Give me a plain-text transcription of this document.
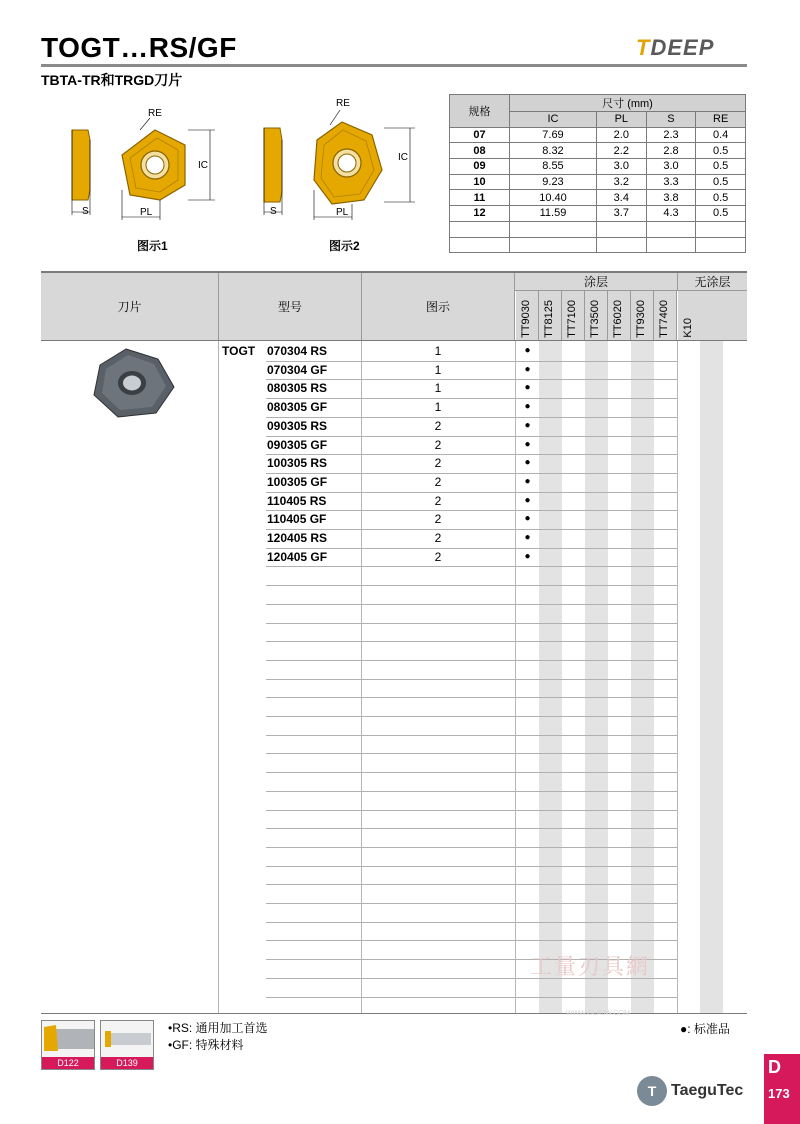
TOGT…RS/GF
TBTA-TR和TRGD刀片
TDEEP
RE
IC
S	PL
图示1
RE
IC
S	PL
图示2
规格	尺寸 (mm)			
	IC	PL	S	RE
07	7.69	2.0	2.3	0.4
08	8.32	2.2	2.8	0.5
09	8.55	3.0	3.0	0.5
10	9.23	3.2	3.3	0.5
11	10.40	3.4	3.8	0.5
12	11.59	3.7	4.3	0.5

刀片	型号	图示
涂层	无涂层
TT9030 TT8125 TT7100 TT3500 TT6020 TT9300 TT7400 K10
TOGT 070304 RS	1	●
070304 GF	1	●
080305 RS	1	●
080305 GF	1	●
090305 RS	2	●
090305 GF	2	●
100305 RS	2	●
100305 GF	2	●
110405 RS	2	●
110405 GF	2	●
120405 RS	2	●
120405 GF	2	●
工量刃具網
WWW.GLRJW.COM
D122	D139
•RS: 通用加工首选
•GF: 特殊材料
●: 标准品
T TaeguTec
D
173
